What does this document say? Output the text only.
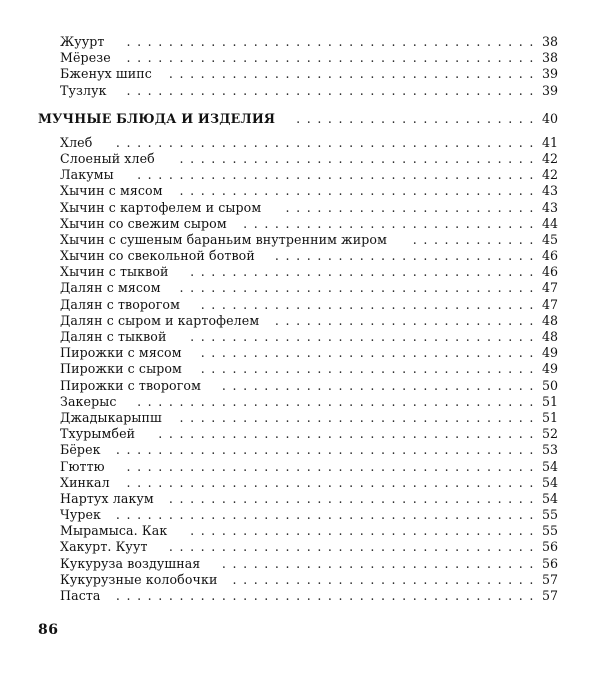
Жуурт ....................................... 38
Мёрезе ....................................... 38
Бженух шипс ................................... 39
Тузлук ....................................... 39
МУЧНЫЕ БЛЮДА И ИЗДЕЛИЯ ....................... 40
Хлеб ........................................ 41
Слоеный хлеб .................................. 42
Лакумы ...................................... 42
Хычин с мясом .................................. 43
Хычин с картофелем и сыром ........................ 43
Хычин со свежим сыром ............................ 44
Хычин с сушеным бараньим внутренним жиром ............ 45
Хычин со свекольной ботвой ......................... 46
Хычин с тыквой ................................. 46
Далян с мясом .................................. 47
Далян с творогом ................................ 47
Далян с сыром и картофелем ......................... 48
Далян с тыквой ................................. 48
Пирожки с мясом ................................ 49
Пирожки с сыром ................................ 49
Пирожки с творогом .............................. 50
Закерыс ...................................... 51
Джадыкарыпш .................................. 51
Тхурымбей .................................... 52
Бёрек ........................................ 53
Гюттю ....................................... 54
Хинкал ....................................... 54
Нартух лакум ................................... 54
Чурек ........................................ 55
Мырамыса. Как ................................. 55
Хакурт. Куут ................................... 56
Кукуруза воздушная .............................. 56
Кукурузные колобочки ............................. 57
Паста ........................................ 57
86
